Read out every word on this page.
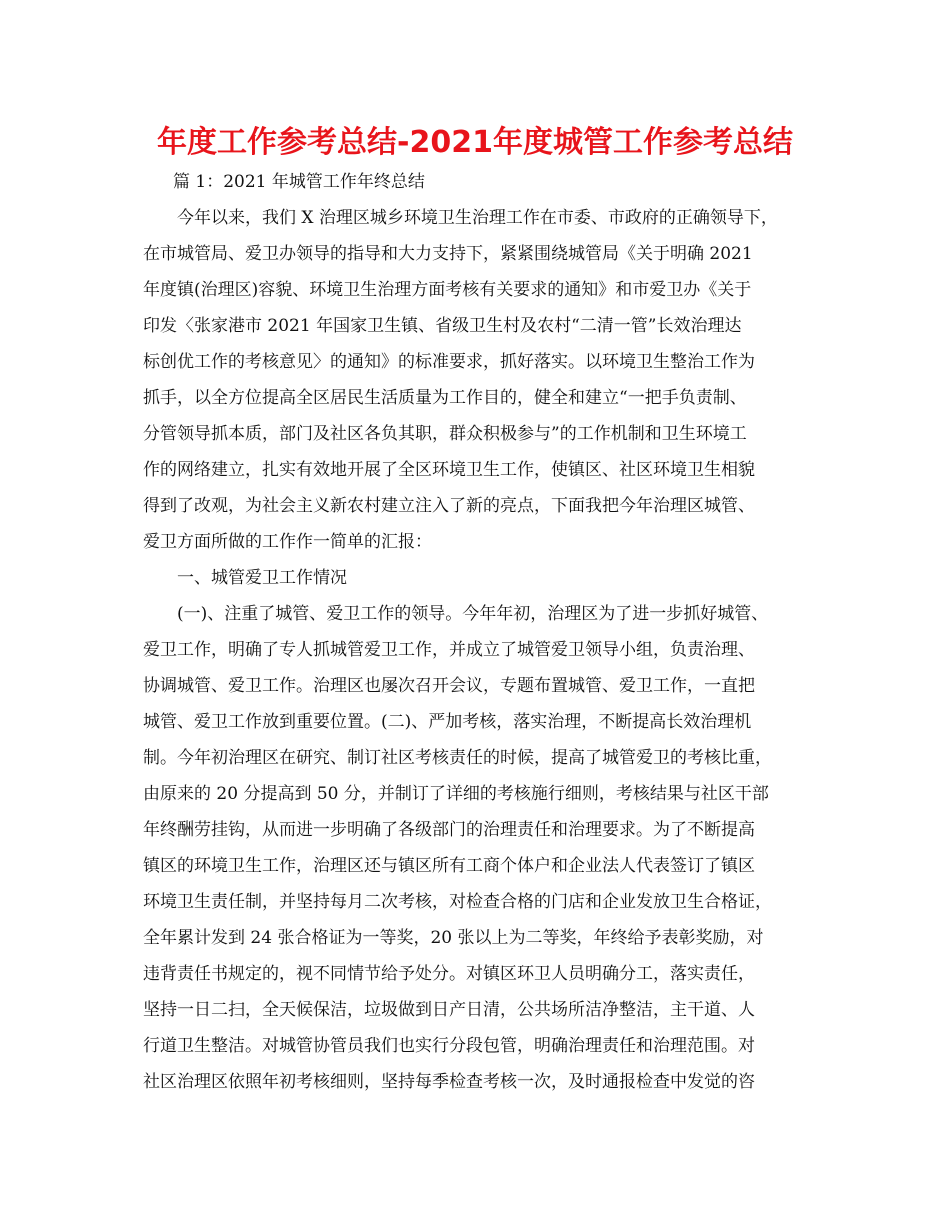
年度工作参考总结-2021年度城管工作参考总结
篇 1：2021 年城管工作年终总结
今年以来，我们 X 治理区城乡环境卫生治理工作在市委、市政府的正确领导下，
在市城管局、爱卫办领导的指导和大力支持下，紧紧围绕城管局《关于明确 2021
年度镇(治理区)容貌、环境卫生治理方面考核有关要求的通知》和市爱卫办《关于
印发〈张家港市 2021 年国家卫生镇、省级卫生村及农村“二清一管”长效治理达
标创优工作的考核意见〉的通知》的标准要求，抓好落实。以环境卫生整治工作为
抓手，以全方位提高全区居民生活质量为工作目的，健全和建立“一把手负责制、
分管领导抓本质，部门及社区各负其职，群众积极参与”的工作机制和卫生环境工
作的网络建立，扎实有效地开展了全区环境卫生工作，使镇区、社区环境卫生相貌
得到了改观，为社会主义新农村建立注入了新的亮点，下面我把今年治理区城管、
爱卫方面所做的工作作一简单的汇报：
一、城管爱卫工作情况
(一)、注重了城管、爱卫工作的领导。今年年初，治理区为了进一步抓好城管、
爱卫工作，明确了专人抓城管爱卫工作，并成立了城管爱卫领导小组，负责治理、
协调城管、爱卫工作。治理区也屡次召开会议，专题布置城管、爱卫工作，一直把
城管、爱卫工作放到重要位置。(二)、严加考核，落实治理，不断提高长效治理机
制。今年初治理区在研究、制订社区考核责任的时候，提高了城管爱卫的考核比重，
由原来的 20 分提高到 50 分，并制订了详细的考核施行细则，考核结果与社区干部
年终酬劳挂钩，从而进一步明确了各级部门的治理责任和治理要求。为了不断提高
镇区的环境卫生工作，治理区还与镇区所有工商个体户和企业法人代表签订了镇区
环境卫生责任制，并坚持每月二次考核，对检查合格的门店和企业发放卫生合格证，
全年累计发到 24 张合格证为一等奖，20 张以上为二等奖，年终给予表彰奖励，对
违背责任书规定的，视不同情节给予处分。对镇区环卫人员明确分工，落实责任，
坚持一日二扫，全天候保洁，垃圾做到日产日清，公共场所洁净整洁，主干道、人
行道卫生整洁。对城管协管员我们也实行分段包管，明确治理责任和治理范围。对
社区治理区依照年初考核细则，坚持每季检查考核一次，及时通报检查中发觉的咨
